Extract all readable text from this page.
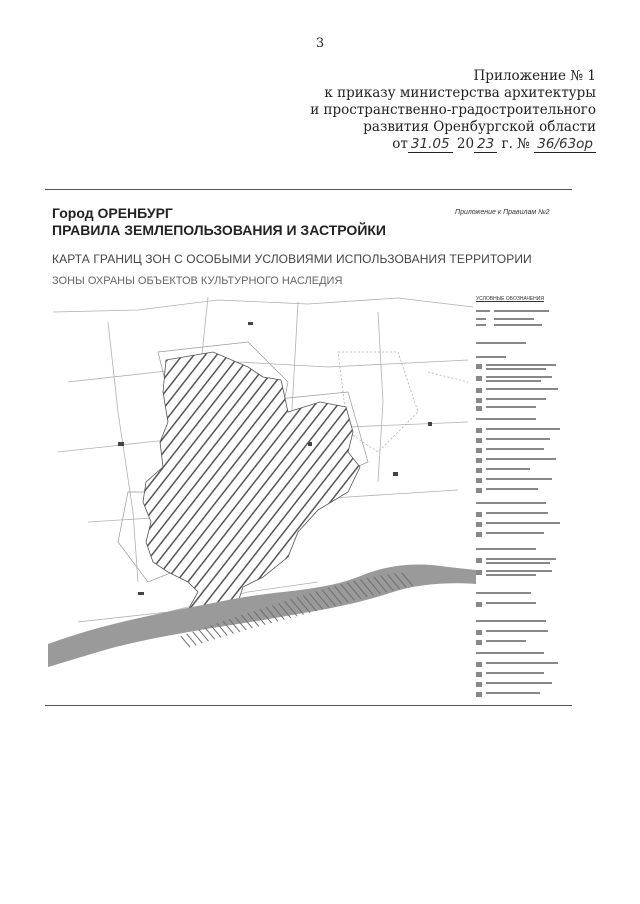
3
Приложение № 1
к приказу министерства архитектуры
и пространственно-градостроительного
развития Оренбургской области
от 31.05 20 23 г. № 36/63ор
Город ОРЕНБУРГ
ПРАВИЛА ЗЕМЛЕПОЛЬЗОВАНИЯ И ЗАСТРОЙКИ
КАРТА ГРАНИЦ ЗОН С ОСОБЫМИ УСЛОВИЯМИ ИСПОЛЬЗОВАНИЯ ТЕРРИТОРИИ
ЗОНЫ ОХРАНЫ ОБЪЕКТОВ КУЛЬТУРНОГО НАСЛЕДИЯ
Приложение к Правилам №2
УСЛОВНЫЕ ОБОЗНАЧЕНИЯ
